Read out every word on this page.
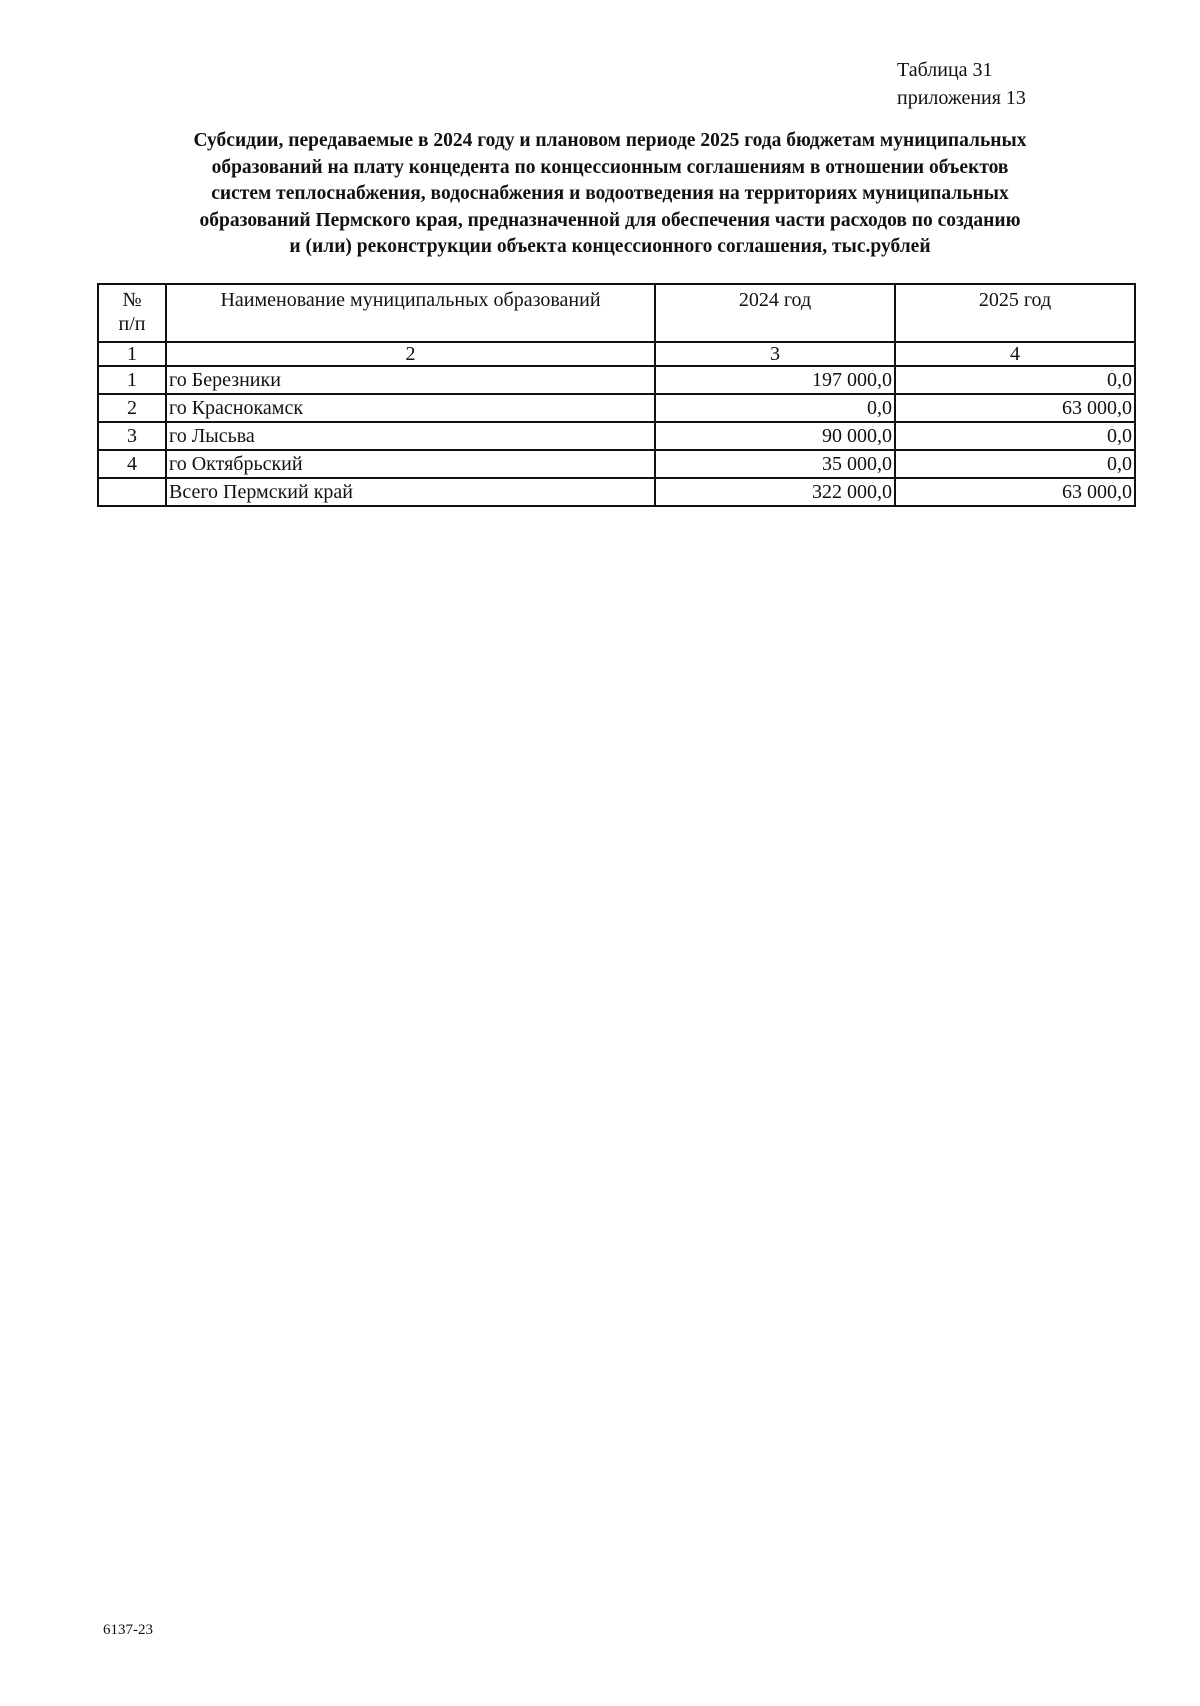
Таблица 31
приложения 13
Субсидии, передаваемые в 2024 году и плановом периоде 2025 года бюджетам муниципальных
образований на плату концедента по концессионным соглашениям в отношении объектов
систем теплоснабжения, водоснабжения и водоотведения на территориях муниципальных
образований Пермского края, предназначенной для обеспечения части расходов по созданию
и (или) реконструкции объекта концессионного соглашения, тыс.рублей
№
п/п	Наименование муниципальных образований	2024 год	2025 год
1	2	3	4
1	го Березники	197 000,0	0,0
2	го Краснокамск	0,0	63 000,0
3	го Лысьва	90 000,0	0,0
4	го Октябрьский	35 000,0	0,0
	Всего Пермский край	322 000,0	63 000,0
6137-23
